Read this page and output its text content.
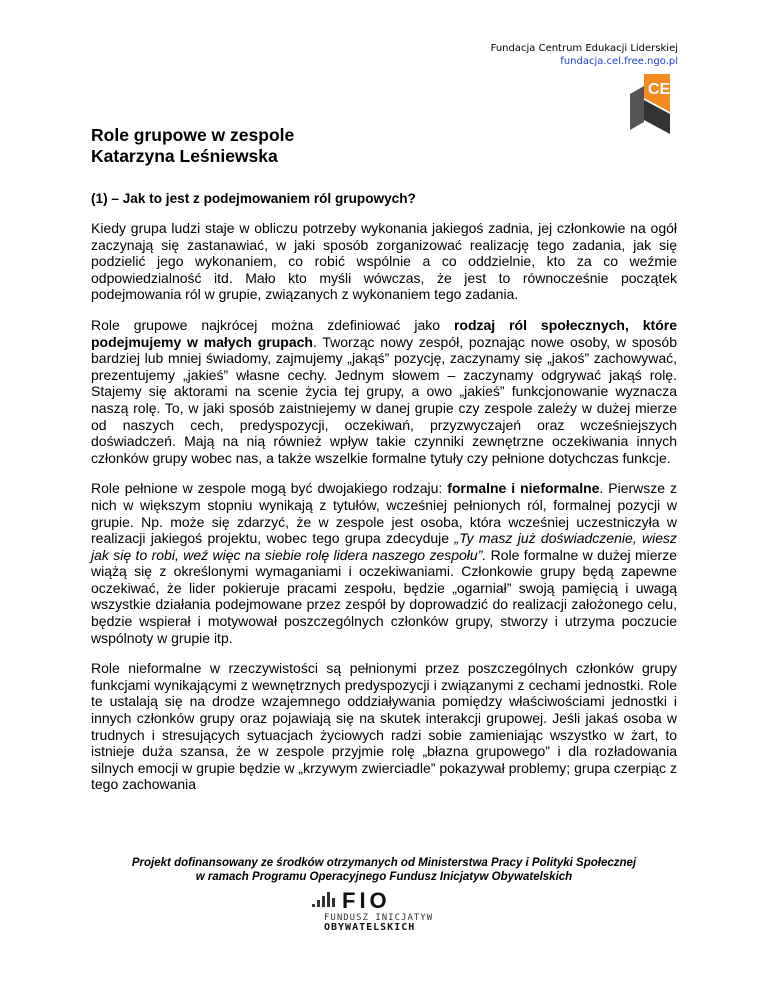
Fundacja Centrum Edukacji Liderskiej
fundacja.cel.free.ngo.pl
CEL
Role grupowe w zespole
Katarzyna Leśniewska
(1) – Jak to jest z podejmowaniem ról grupowych?

Kiedy grupa ludzi staje w obliczu potrzeby wykonania jakiegoś zadnia, jej członkowie na ogół zaczynają się zastanawiać, w jaki sposób zorganizować realizację tego zadania, jak się podzielić jego wykonaniem, co robić wspólnie a co oddzielnie, kto za co weźmie odpowiedzialność itd. Mało kto myśli wówczas, że jest to równocześnie początek podejmowania ról w grupie, związanych z wykonaniem tego zadania.

Role grupowe najkrócej można zdefiniować jako rodzaj ról społecznych, które podejmujemy w małych grupach. Tworząc nowy zespół, poznając nowe osoby, w sposób bardziej lub mniej świadomy, zajmujemy „jakąś” pozycję, zaczynamy się „jakoś” zachowywać, prezentujemy „jakieś” własne cechy. Jednym słowem – zaczynamy odgrywać jakąś rolę. Stajemy się aktorami na scenie życia tej grupy, a owo „jakieś” funkcjonowanie wyznacza naszą rolę. To, w jaki sposób zaistniejemy w danej grupie czy zespole zależy w dużej mierze od naszych cech, predyspozycji, oczekiwań, przyzwyczajeń oraz wcześniejszych doświadczeń. Mają na nią również wpływ takie czynniki zewnętrzne oczekiwania innych członków grupy wobec nas, a także wszelkie formalne tytuły czy pełnione dotychczas funkcje.

Role pełnione w zespole mogą być dwojakiego rodzaju: formalne i nieformalne. Pierwsze z nich w większym stopniu wynikają z tytułów, wcześniej pełnionych ról, formalnej pozycji w grupie. Np. może się zdarzyć, że w zespole jest osoba, która wcześniej uczestniczyła w realizacji jakiegoś projektu, wobec tego grupa zdecyduje „Ty masz już doświadczenie, wiesz jak się to robi, weź więc na siebie rolę lidera naszego zespołu”. Role formalne w dużej mierze wiążą się z określonymi wymaganiami i oczekiwaniami. Członkowie grupy będą zapewne oczekiwać, że lider pokieruje pracami zespołu, będzie „ogarniał” swoją pamięcią i uwagą wszystkie działania podejmowane przez zespół by doprowadzić do realizacji założonego celu, będzie wspierał i motywował poszczególnych członków grupy, stworzy i utrzyma poczucie wspólnoty w grupie itp.

Role nieformalne w rzeczywistości są pełnionymi przez poszczególnych członków grupy funkcjami wynikającymi z wewnętrznych predyspozycji i związanymi z cechami jednostki. Role te ustalają się na drodze wzajemnego oddziaływania pomiędzy właściwościami jednostki i innych członków grupy oraz pojawiają się na skutek interakcji grupowej. Jeśli jakaś osoba w trudnych i stresujących sytuacjach życiowych radzi sobie zamieniając wszystko w żart, to istnieje duża szansa, że w zespole przyjmie rolę „błazna grupowego” i dla rozładowania silnych emocji w grupie będzie w „krzywym zwierciadle” pokazywał problemy; grupa czerpiąc z tego zachowania

Projekt dofinansowany ze środków otrzymanych od Ministerstwa Pracy i Polityki Społecznej
w ramach Programu Operacyjnego Fundusz Inicjatyw Obywatelskich
FIO
FUNDUSZ INICJATYW
OBYWATELSKICH
